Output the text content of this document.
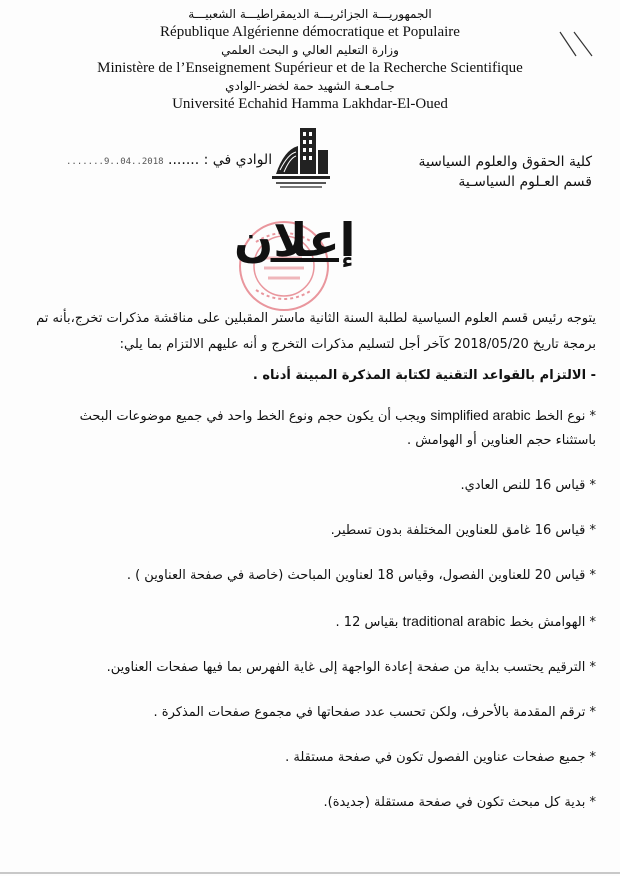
الجمهوريـــة الجزائريـــة الديمقراطيـــة الشعبيـــة
République Algérienne démocratique et Populaire
وزارة التعليم العالي و البحث العلمي
Ministère de l’Enseignement Supérieur et de la Recherche Scientifique
جـامـعـة الشهيد حمة لخضر-الوادي
Université Echahid Hamma Lakhdar-El-Oued
كلية الحقوق والعلوم السياسية
قسم العـلوم السياسـية
الوادي في : ....... 2018..04..9.......
إعلان

يتوجه رئيس قسم العلوم السياسية لطلبة السنة الثانية ماستر المقبلين على مناقشة مذكرات تخرج،بأنه تم برمجة تاريخ 2018/05/20 كآخر أجل لتسليم مذكرات التخرج و أنه عليهم الالتزام بما يلي:

- الالتزام بالقواعد التقنية لكتابة المذكرة المبينة أدناه .

* نوع الخط simplified arabic ويجب أن يكون حجم ونوع الخط واحد في جميع موضوعات البحث باستثناء حجم العناوين أو الهوامش .

* قياس 16 للنص العادي.

* قياس 16 غامق للعناوين المختلفة بدون تسطير.

* قياس 20 للعناوين الفصول، وقياس 18 لعناوين المباحث (خاصة في صفحة العناوين ) .

* الهوامش بخط traditional arabic بقياس 12 .

* الترقيم يحتسب بداية من صفحة إعادة الواجهة إلى غاية الفهرس بما فيها صفحات العناوين.

* ترقم المقدمة بالأحرف، ولكن تحسب عدد صفحاتها في مجموع صفحات المذكرة .

* جميع صفحات عناوين الفصول تكون في صفحة مستقلة .

* بدية كل مبحث تكون في صفحة مستقلة (جديدة).
